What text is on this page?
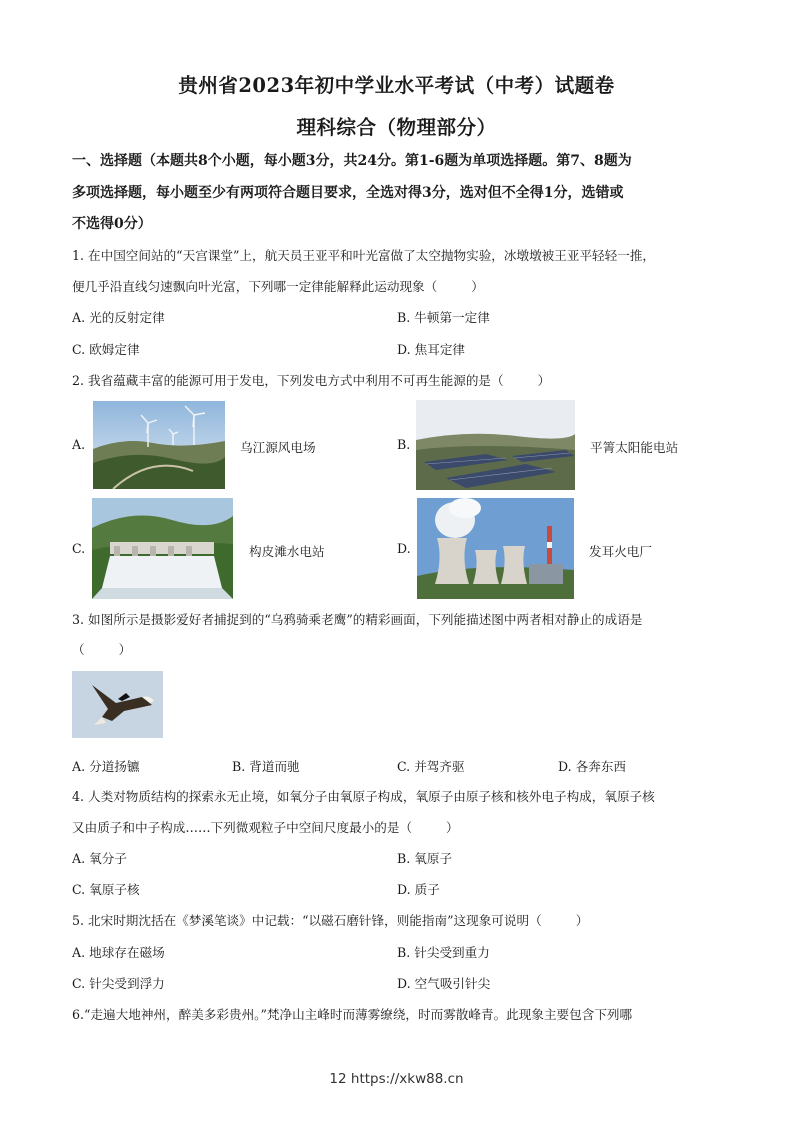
贵州省2023年初中学业水平考试（中考）试题卷
理科综合（物理部分）
一、选择题（本题共8个小题，每小题3分，共24分。第1-6题为单项选择题。第7、8题为
多项选择题，每小题至少有两项符合题目要求，全选对得3分，选对但不全得1分，选错或
不选得0分）
1. 在中国空间站的“天宫课堂”上，航天员王亚平和叶光富做了太空抛物实验，冰墩墩被王亚平轻轻一推，
便几乎沿直线匀速飘向叶光富，下列哪一定律能解释此运动现象（	）
A. 光的反射定律	B. 牛顿第一定律
C. 欧姆定律	D. 焦耳定律
2. 我省蕴藏丰富的能源可用于发电，下列发电方式中利用不可再生能源的是（	）
A.	乌江源风电场	B.	平箐太阳能电站
C.	构皮滩水电站	D.	发耳火电厂
3. 如图所示是摄影爱好者捕捉到的“乌鸦骑乘老鹰”的精彩画面，下列能描述图中两者相对静止的成语是
（	）
A. 分道扬镳	B. 背道而驰	C. 并驾齐驱	D. 各奔东西
4. 人类对物质结构的探索永无止境，如氧分子由氧原子构成，氧原子由原子核和核外电子构成，氧原子核
又由质子和中子构成……下列微观粒子中空间尺度最小的是（	）
A. 氧分子	B. 氧原子
C. 氧原子核	D. 质子
5. 北宋时期沈括在《梦溪笔谈》中记载：“以磁石磨针锋，则能指南”这现象可说明（	）
A. 地球存在磁场	B. 针尖受到重力
C. 针尖受到浮力	D. 空气吸引针尖
6.“走遍大地神州，醉美多彩贵州。”梵净山主峰时而薄雾缭绕，时而雾散峰青。此现象主要包含下列哪
12 https://xkw88.cn
